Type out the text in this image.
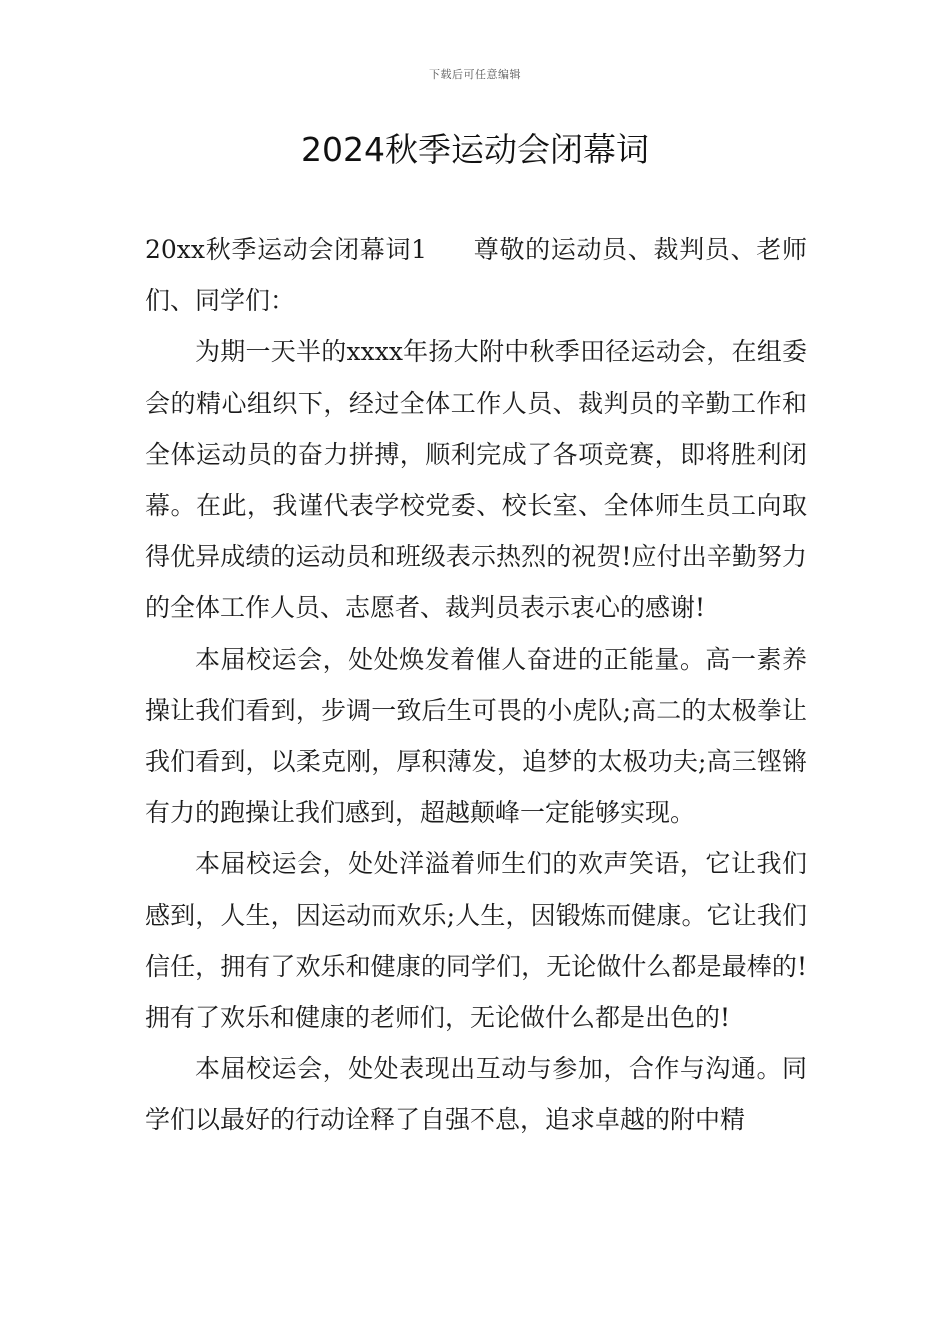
下载后可任意编辑
2024秋季运动会闭幕词

20xx秋季运动会闭幕词1 尊敬的运动员、裁判员、老师们、同学们：

为期一天半的xxxx年扬大附中秋季田径运动会，在组委会的精心组织下，经过全体工作人员、裁判员的辛勤工作和全体运动员的奋力拼搏，顺利完成了各项竞赛，即将胜利闭幕。在此，我谨代表学校党委、校长室、全体师生员工向取得优异成绩的运动员和班级表示热烈的祝贺!应付出辛勤努力的全体工作人员、志愿者、裁判员表示衷心的感谢!

本届校运会，处处焕发着催人奋进的正能量。高一素养操让我们看到，步调一致后生可畏的小虎队;高二的太极拳让我们看到，以柔克刚，厚积薄发，追梦的太极功夫;高三铿锵有力的跑操让我们感到，超越颠峰一定能够实现。

本届校运会，处处洋溢着师生们的欢声笑语，它让我们感到，人生，因运动而欢乐;人生，因锻炼而健康。它让我们信任，拥有了欢乐和健康的同学们，无论做什么都是最棒的!拥有了欢乐和健康的老师们，无论做什么都是出色的!

本届校运会，处处表现出互动与参加，合作与沟通。同学们以最好的行动诠释了自强不息，追求卓越的附中精
